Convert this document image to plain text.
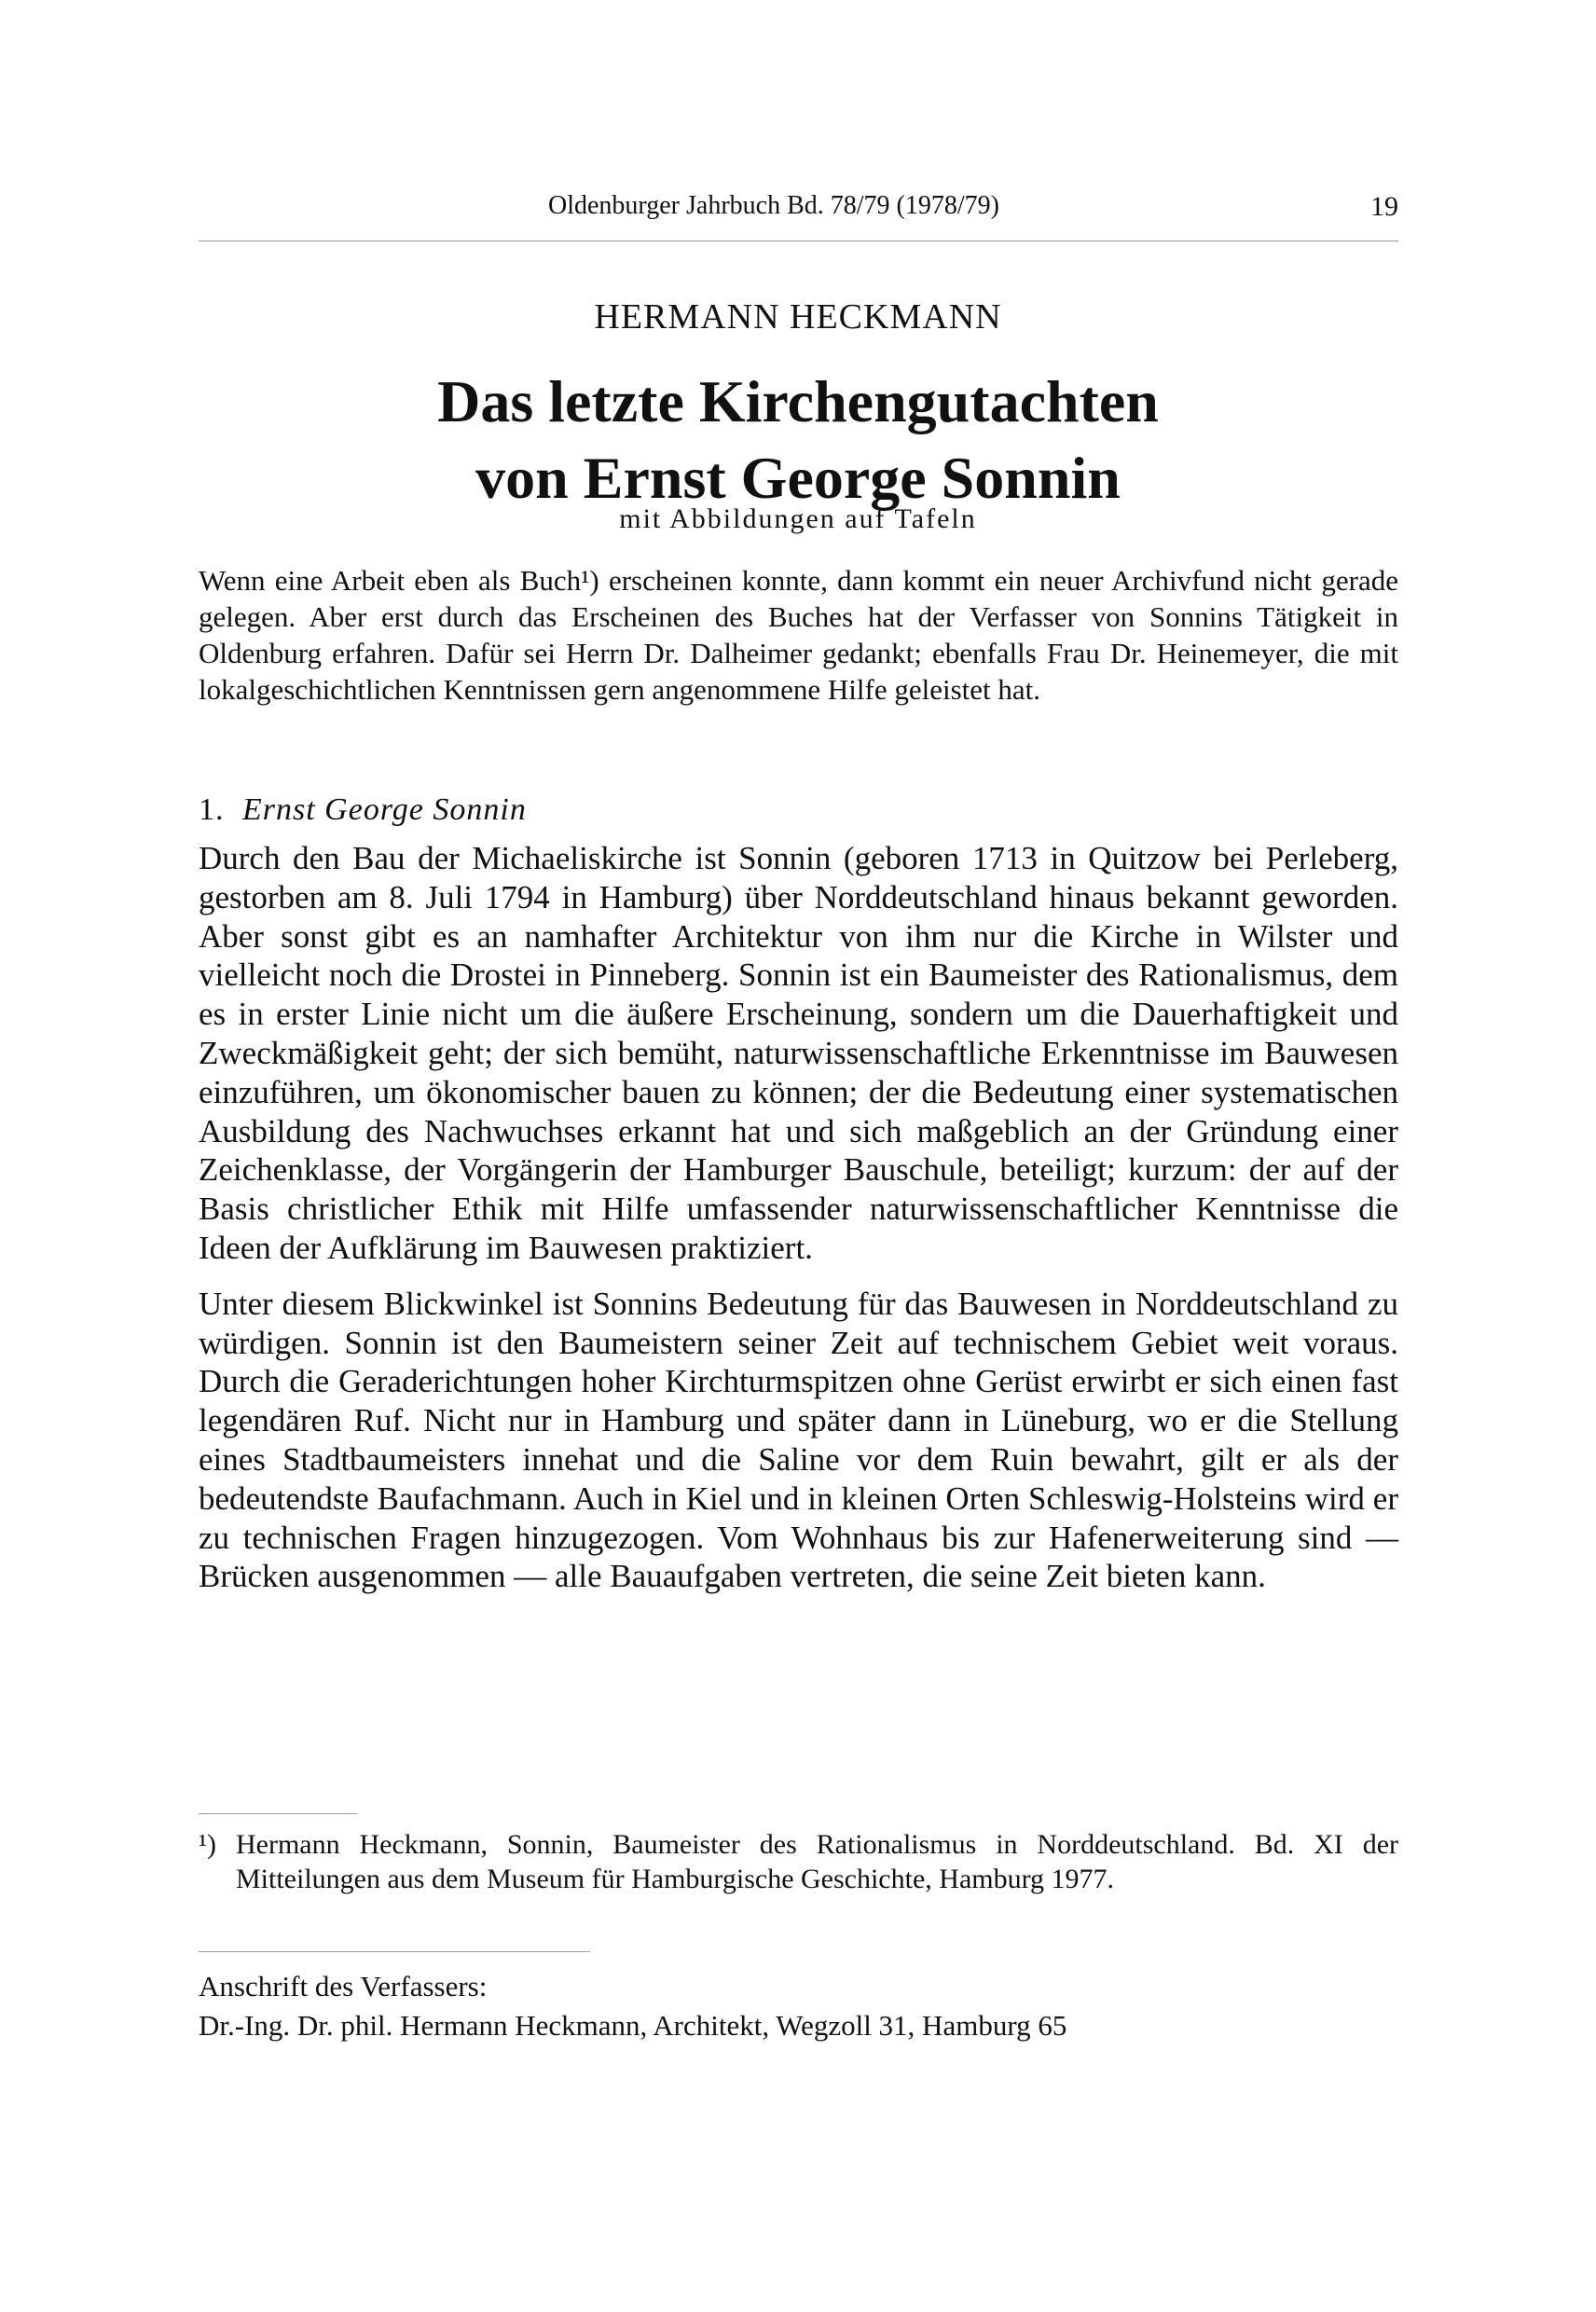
Oldenburger Jahrbuch Bd. 78/79 (1978/79)	19
HERMANN HECKMANN
Das letzte Kirchengutachten
von Ernst George Sonnin
mit Abbildungen auf Tafeln

Wenn eine Arbeit eben als Buch¹) erscheinen konnte, dann kommt ein neuer Archivfund nicht gerade gelegen. Aber erst durch das Erscheinen des Buches hat der Verfasser von Sonnins Tätigkeit in Oldenburg erfahren. Dafür sei Herrn Dr. Dalheimer gedankt; ebenfalls Frau Dr. Heinemeyer, die mit lokalgeschichtlichen Kenntnissen gern angenommene Hilfe geleistet hat.

1. Ernst George Sonnin

Durch den Bau der Michaeliskirche ist Sonnin (geboren 1713 in Quitzow bei Perleberg, gestorben am 8. Juli 1794 in Hamburg) über Norddeutschland hinaus bekannt geworden. Aber sonst gibt es an namhafter Architektur von ihm nur die Kirche in Wilster und vielleicht noch die Drostei in Pinneberg. Sonnin ist ein Baumeister des Rationalismus, dem es in erster Linie nicht um die äußere Erscheinung, sondern um die Dauerhaftigkeit und Zweckmäßigkeit geht; der sich bemüht, naturwissenschaftliche Erkenntnisse im Bauwesen einzuführen, um ökonomischer bauen zu können; der die Bedeutung einer systematischen Ausbildung des Nachwuchses erkannt hat und sich maßgeblich an der Gründung einer Zeichenklasse, der Vorgängerin der Hamburger Bauschule, beteiligt; kurzum: der auf der Basis christlicher Ethik mit Hilfe umfassender naturwissenschaftlicher Kenntnisse die Ideen der Aufklärung im Bauwesen praktiziert.

Unter diesem Blickwinkel ist Sonnins Bedeutung für das Bauwesen in Norddeutschland zu würdigen. Sonnin ist den Baumeistern seiner Zeit auf technischem Gebiet weit voraus. Durch die Geraderichtungen hoher Kirchturmspitzen ohne Gerüst erwirbt er sich einen fast legendären Ruf. Nicht nur in Hamburg und später dann in Lüneburg, wo er die Stellung eines Stadtbaumeisters innehat und die Saline vor dem Ruin bewahrt, gilt er als der bedeutendste Baufachmann. Auch in Kiel und in kleinen Orten Schleswig-Holsteins wird er zu technischen Fragen hinzugezogen. Vom Wohnhaus bis zur Hafenerweiterung sind — Brücken ausgenommen — alle Bauaufgaben vertreten, die seine Zeit bieten kann.

¹) Hermann Heckmann, Sonnin, Baumeister des Rationalismus in Norddeutschland. Bd. XI der Mitteilungen aus dem Museum für Hamburgische Geschichte, Hamburg 1977.
Anschrift des Verfassers:
Dr.-Ing. Dr. phil. Hermann Heckmann, Architekt, Wegzoll 31, Hamburg 65
